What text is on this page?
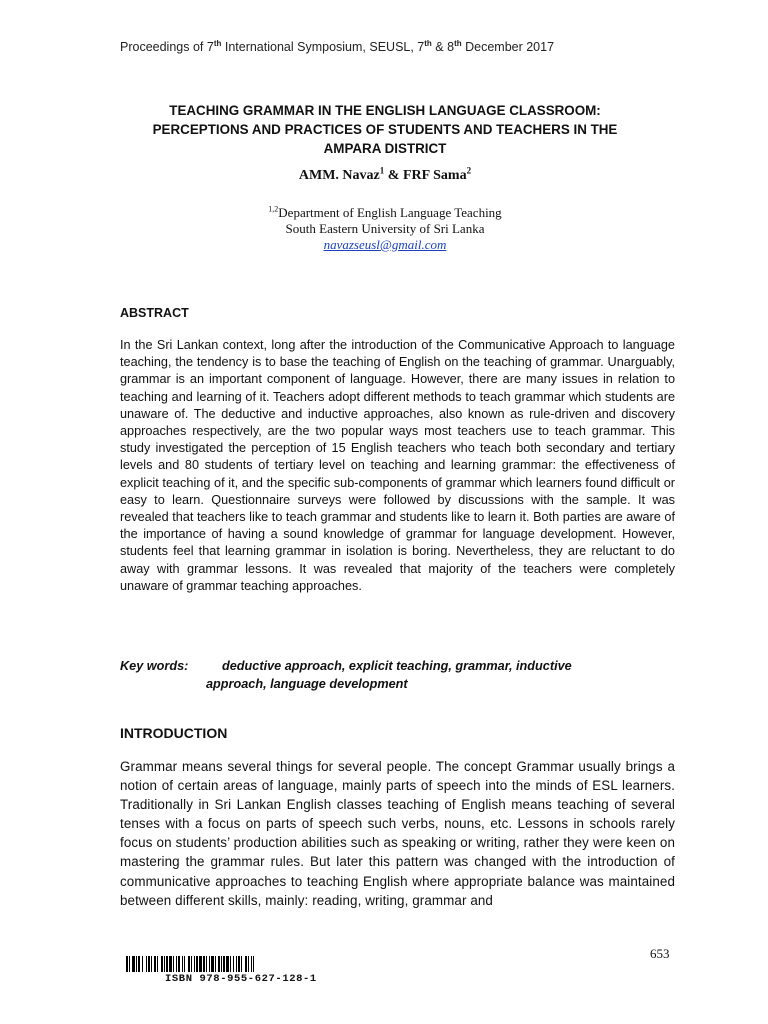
Proceedings of 7th International Symposium, SEUSL, 7th & 8th December 2017
TEACHING GRAMMAR IN THE ENGLISH LANGUAGE CLASSROOM:
PERCEPTIONS AND PRACTICES OF STUDENTS AND TEACHERS IN THE
AMPARA DISTRICT
AMM. Navaz$^1$ & FRF Sama$^2$
$^{1,2}$Department of English Language Teaching
South Eastern University of Sri Lanka
navazseusl@gmail.com
ABSTRACT
In the Sri Lankan context, long after the introduction of the Communicative Approach to language teaching, the tendency is to base the teaching of English on the teaching of grammar. Unarguably, grammar is an important component of language. However, there are many issues in relation to teaching and learning of it. Teachers adopt different methods to teach grammar which students are unaware of. The deductive and inductive approaches, also known as rule-driven and discovery approaches respectively, are the two popular ways most teachers use to teach grammar. This study investigated the perception of 15 English teachers who teach both secondary and tertiary levels and 80 students of tertiary level on teaching and learning grammar: the effectiveness of explicit teaching of it, and the specific sub-components of grammar which learners found difficult or easy to learn. Questionnaire surveys were followed by discussions with the sample. It was revealed that teachers like to teach grammar and students like to learn it. Both parties are aware of the importance of having a sound knowledge of grammar for language development. However, students feel that learning grammar in isolation is boring. Nevertheless, they are reluctant to do away with grammar lessons. It was revealed that majority of the teachers were completely unaware of grammar teaching approaches.
Key words:	deductive approach, explicit teaching, grammar, inductive
approach, language development
INTRODUCTION
Grammar means several things for several people. The concept Grammar usually brings a notion of certain areas of language, mainly parts of speech into the minds of ESL learners. Traditionally in Sri Lankan English classes teaching of English means teaching of several tenses with a focus on parts of speech such verbs, nouns, etc. Lessons in schools rarely focus on students’ production abilities such as speaking or writing, rather they were keen on mastering the grammar rules. But later this pattern was changed with the introduction of communicative approaches to teaching English where appropriate balance was maintained between different skills, mainly: reading, writing, grammar and
653
ISBN 978-955-627-128-1
